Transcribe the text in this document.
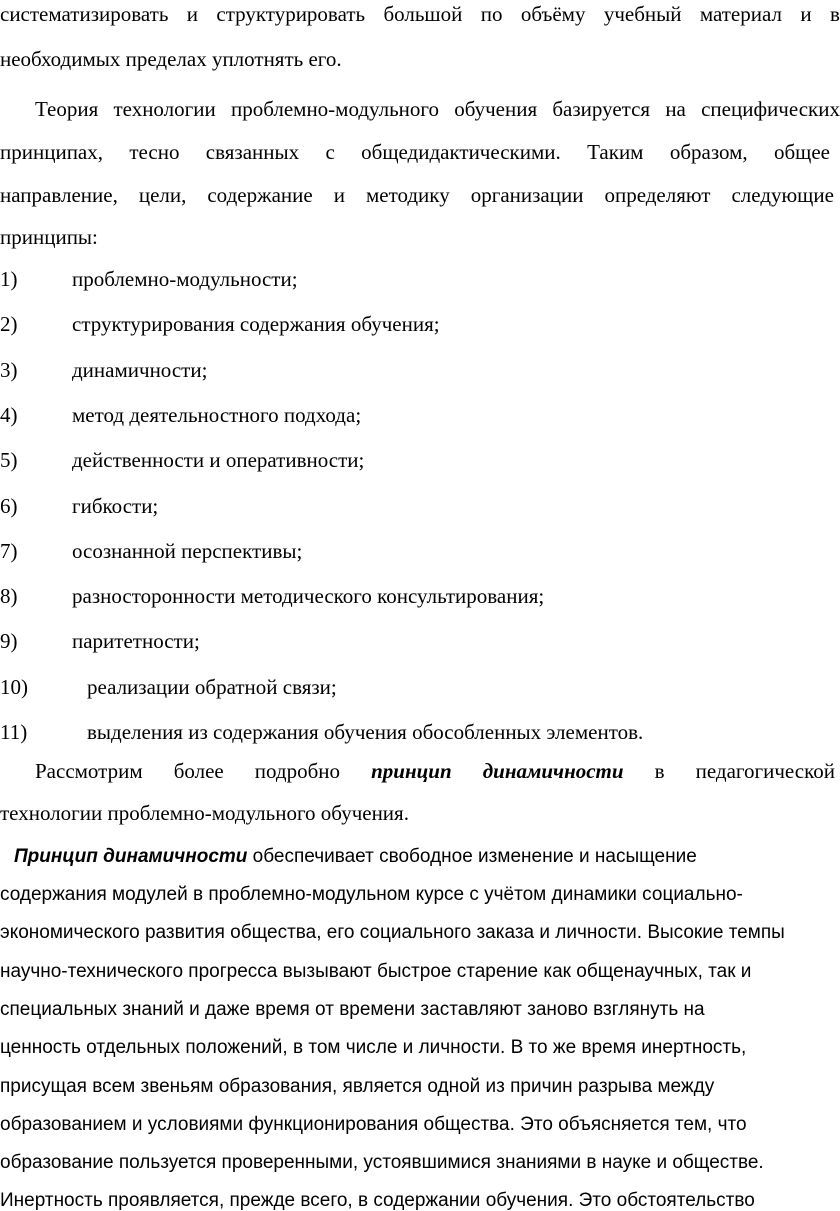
систематизировать и структурировать большой по объёму учебный материал и в
необходимых пределах уплотнять его.
Теория технологии проблемно-модульного обучения базируется на специфических
принципах, тесно связанных с общедидактическими. Таким образом, общее
направление, цели, содержание и методику организации определяют следующие
принципы:
1)	проблемно-модульности;
2)	структурирования содержания обучения;
3)	динамичности;
4)	метод деятельностного подхода;
5)	действенности и оперативности;
6)	гибкости;
7)	осознанной перспективы;
8)	разносторонности методического консультирования;
9)	паритетности;
10)	реализации обратной связи;
11)	выделения из содержания обучения обособленных элементов.
Рассмотрим более подробно принцип динамичности в педагогической
технологии проблемно-модульного обучения.
Принцип динамичности обеспечивает свободное изменение и насыщение
содержания модулей в проблемно-модульном курсе с учётом динамики социально-
экономического развития общества, его социального заказа и личности. Высокие темпы
научно-технического прогресса вызывают быстрое старение как общенаучных, так и
специальных знаний и даже время от времени заставляют заново взглянуть на
ценность отдельных положений, в том числе и личности. В то же время инертность,
присущая всем звеньям образования, является одной из причин разрыва между
образованием и условиями функционирования общества. Это объясняется тем, что
образование пользуется проверенными, устоявшимися знаниями в науке и обществе.
Инертность проявляется, прежде всего, в содержании обучения. Это обстоятельство
